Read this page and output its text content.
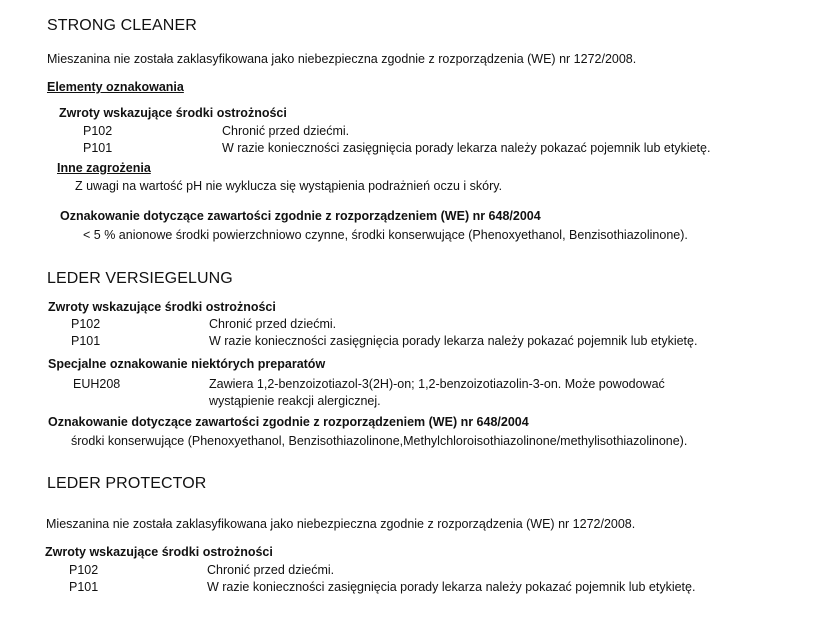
STRONG CLEANER
Mieszanina nie została zaklasyfikowana jako niebezpieczna zgodnie z rozporządzenia (WE) nr 1272/2008.
Elementy oznakowania
Zwroty wskazujące środki ostrożności
P102	Chronić przed dziećmi.
P101	W razie konieczności zasięgnięcia porady lekarza należy pokazać pojemnik lub etykietę.
Inne zagrożenia
Z uwagi na wartość pH nie wyklucza się wystąpienia podrażnień oczu i skóry.
Oznakowanie dotyczące zawartości zgodnie z rozporządzeniem (WE) nr 648/2004
< 5 % anionowe środki powierzchniowo czynne, środki konserwujące (Phenoxyethanol, Benzisothiazolinone).
LEDER VERSIEGELUNG
Zwroty wskazujące środki ostrożności
P102	Chronić przed dziećmi.
P101	W razie konieczności zasięgnięcia porady lekarza należy pokazać pojemnik lub etykietę.
Specjalne oznakowanie niektórych preparatów
EUH208	Zawiera 1,2-benzoizotiazol-3(2H)-on; 1,2-benzoizotiazolin-3-on. Może powodować
wystąpienie reakcji alergicznej.
Oznakowanie dotyczące zawartości zgodnie z rozporządzeniem (WE) nr 648/2004
środki konserwujące (Phenoxyethanol, Benzisothiazolinone,Methylchloroisothiazolinone/methylisothiazolinone).
LEDER PROTECTOR
Mieszanina nie została zaklasyfikowana jako niebezpieczna zgodnie z rozporządzenia (WE) nr 1272/2008.
Zwroty wskazujące środki ostrożności
P102	Chronić przed dziećmi.
P101	W razie konieczności zasięgnięcia porady lekarza należy pokazać pojemnik lub etykietę.
